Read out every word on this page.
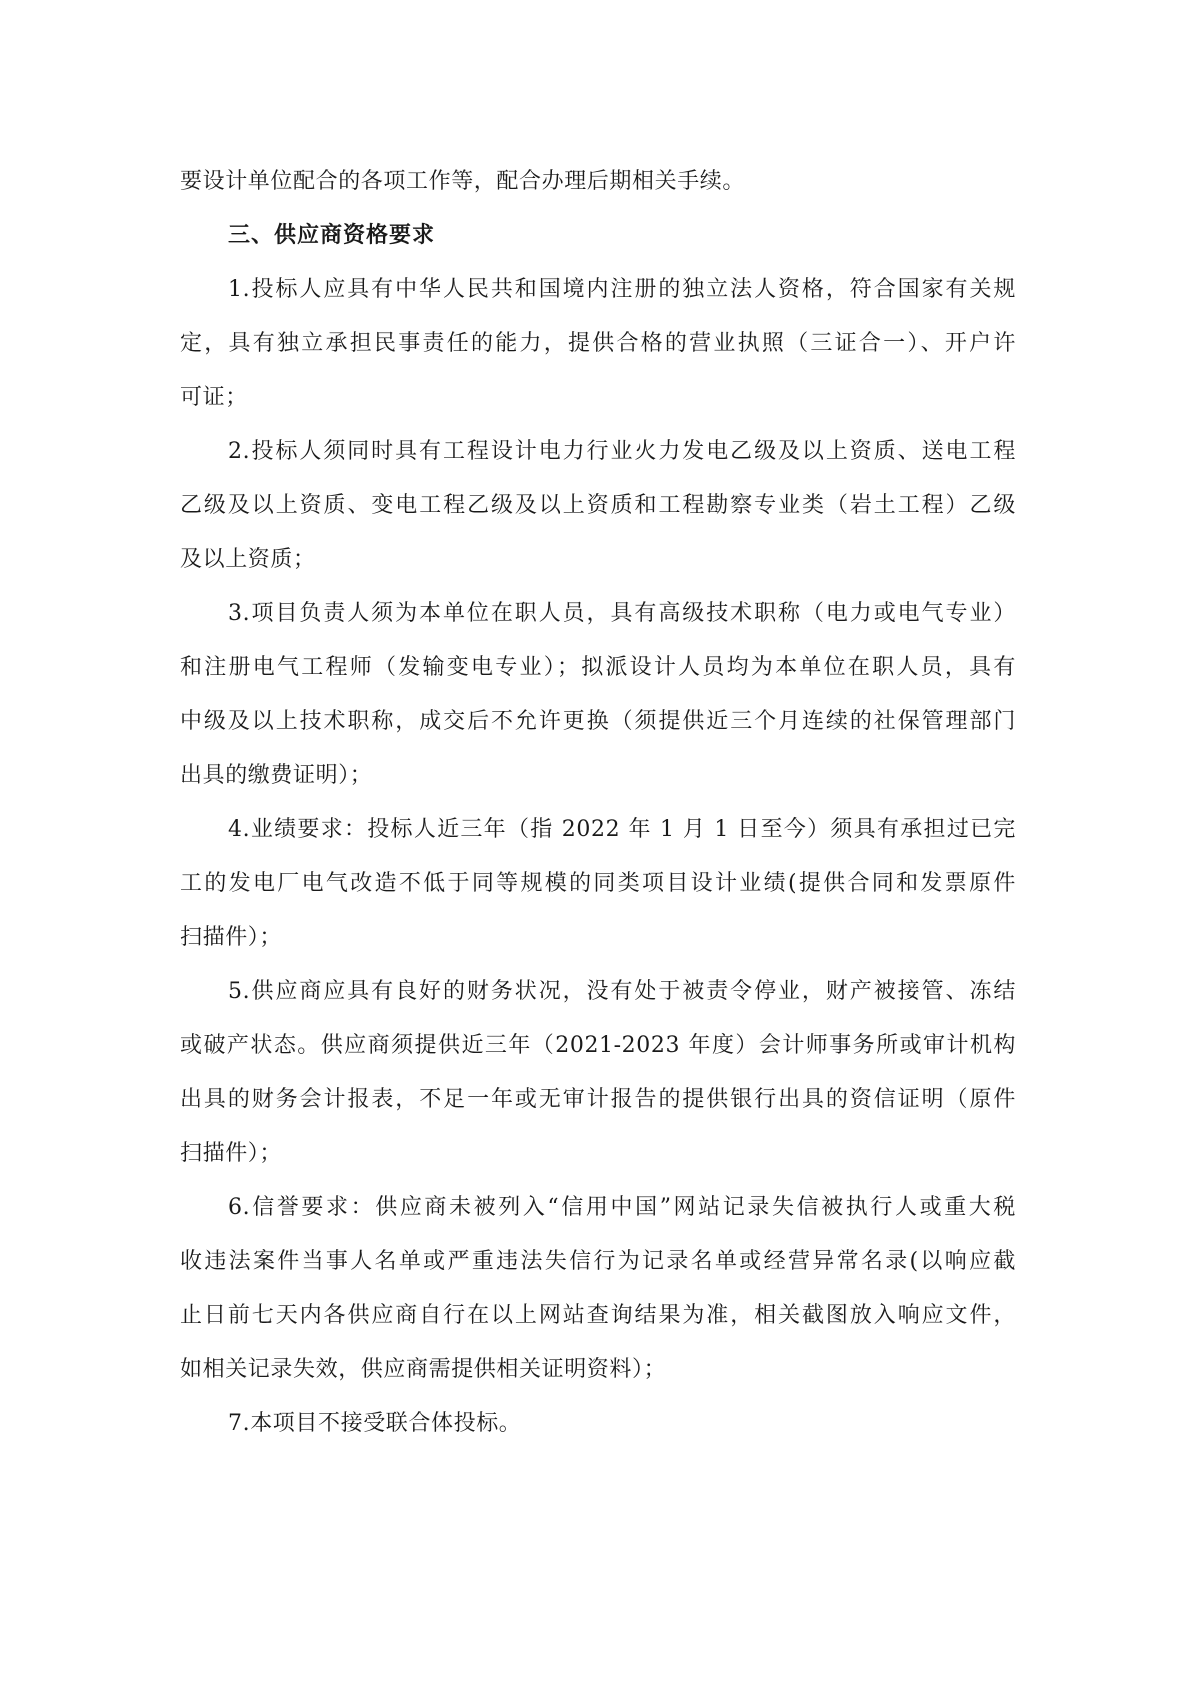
要设计单位配合的各项工作等，配合办理后期相关手续。
三、供应商资格要求
1.投标人应具有中华人民共和国境内注册的独立法人资格，符合国家有关规
定，具有独立承担民事责任的能力，提供合格的营业执照（三证合一）、开户许
可证；
2.投标人须同时具有工程设计电力行业火力发电乙级及以上资质、送电工程
乙级及以上资质、变电工程乙级及以上资质和工程勘察专业类（岩土工程）乙级
及以上资质；
3.项目负责人须为本单位在职人员，具有高级技术职称（电力或电气专业）
和注册电气工程师（发输变电专业）；拟派设计人员均为本单位在职人员，具有
中级及以上技术职称，成交后不允许更换（须提供近三个月连续的社保管理部门
出具的缴费证明）；
4.业绩要求：投标人近三年（指 2022 年 1 月 1 日至今）须具有承担过已完
工的发电厂电气改造不低于同等规模的同类项目设计业绩(提供合同和发票原件
扫描件）；
5.供应商应具有良好的财务状况，没有处于被责令停业，财产被接管、冻结
或破产状态。供应商须提供近三年（2021-2023 年度）会计师事务所或审计机构
出具的财务会计报表，不足一年或无审计报告的提供银行出具的资信证明（原件
扫描件）；
6.信誉要求：供应商未被列入“信用中国”网站记录失信被执行人或重大税
收违法案件当事人名单或严重违法失信行为记录名单或经营异常名录(以响应截
止日前七天内各供应商自行在以上网站查询结果为准，相关截图放入响应文件，
如相关记录失效，供应商需提供相关证明资料）；
7.本项目不接受联合体投标。
